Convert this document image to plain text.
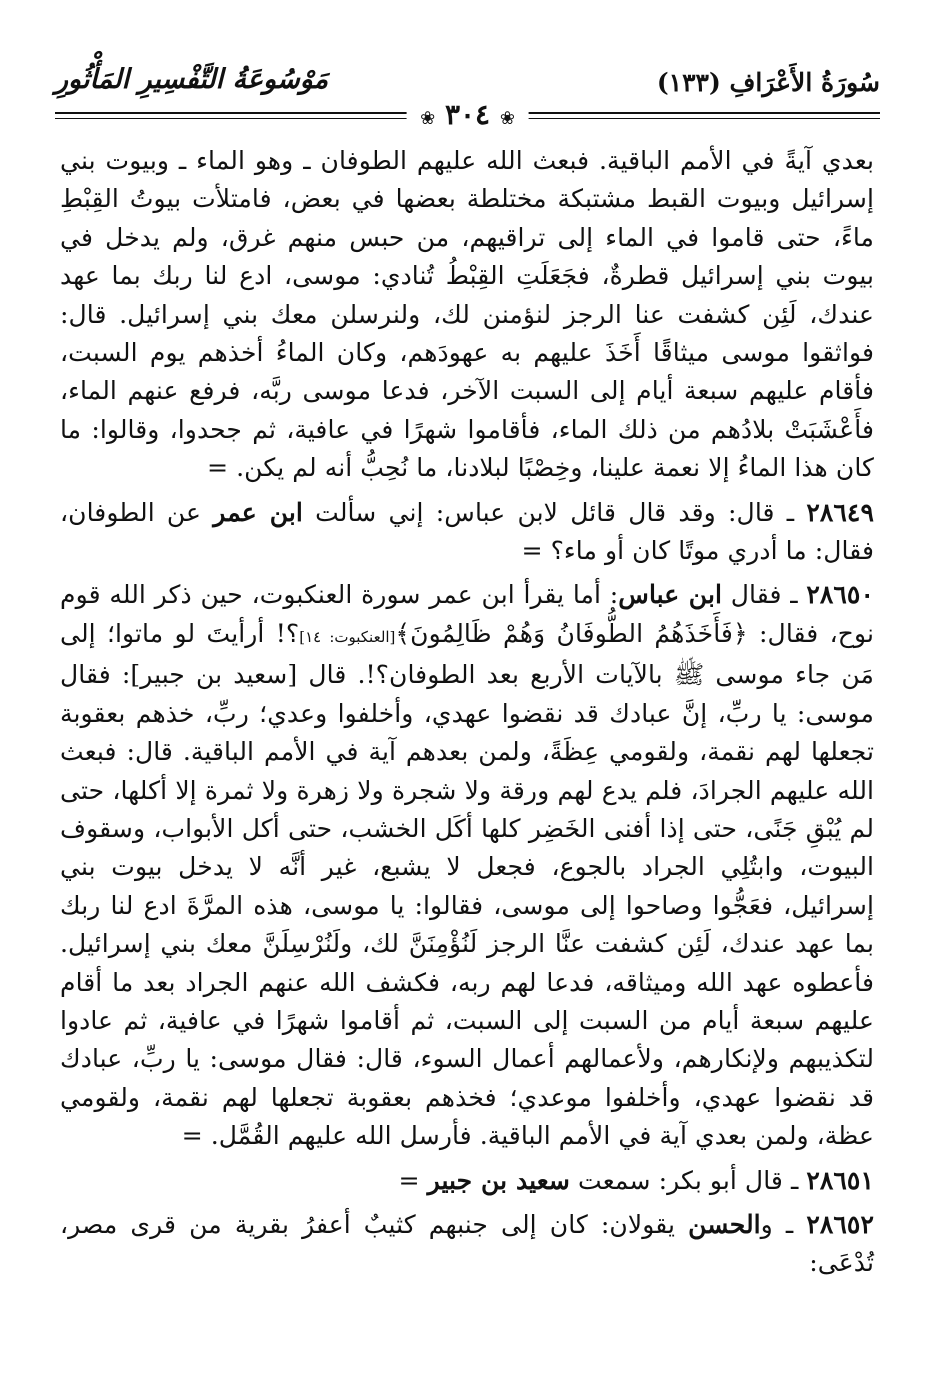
سُورَةُ الأَعْرَافِ (١٣٣)
مَوْسُوعَةُ التَّفْسِيرِ المَأْثُورِ
❀ ٣٠٤ ❀

بعدي آيةً في الأمم الباقية. فبعث الله عليهم الطوفان ـ وهو الماء ـ وبيوت بني إسرائيل وبيوت القبط مشتبكة مختلطة بعضها في بعض، فامتلأت بيوتُ القِبْطِ ماءً، حتى قاموا في الماء إلى تراقيهم، من حبس منهم غرق، ولم يدخل في بيوت بني إسرائيل قطرةٌ، فجَعَلَتِ القِبْطُ تُنادي: موسى، ادع لنا ربك بما عهد عندك، لَئِن كشفت عنا الرجز لنؤمنن لك، ولنرسلن معك بني إسرائيل. قال: فواثقوا موسى ميثاقًا أَخَذَ عليهم به عهودَهم، وكان الماءُ أخذهم يوم السبت، فأقام عليهم سبعة أيام إلى السبت الآخر، فدعا موسى ربَّه، فرفع عنهم الماء، فأَعْشَبَتْ بلادُهم من ذلك الماء، فأقاموا شهرًا في عافية، ثم جحدوا، وقالوا: ما كان هذا الماءُ إلا نعمة علينا، وخِصْبًا لبلادنا، ما نُحِبُّ أنه لم يكن. =

٢٨٦٤٩ ـ قال: وقد قال قائل لابن عباس: إني سألت ابن عمر عن الطوفان، فقال: ما أدري موتًا كان أو ماء؟ =

٢٨٦٥٠ ـ فقال ابن عباس: أما يقرأ ابن عمر سورة العنكبوت، حين ذكر الله قوم نوح، فقال: ﴿فَأَخَذَهُمُ الطُّوفَانُ وَهُمْ ظَالِمُونَ﴾[العنكبوت: ١٤]؟! أرأيتَ لو ماتوا؛ إلى مَن جاء موسى ﷺ بالآيات الأربع بعد الطوفان؟!. قال [سعيد بن جبير]: فقال موسى: يا ربِّ، إنَّ عبادك قد نقضوا عهدي، وأخلفوا وعدي؛ ربِّ، خذهم بعقوبة تجعلها لهم نقمة، ولقومي عِظَةً، ولمن بعدهم آية في الأمم الباقية. قال: فبعث الله عليهم الجرادَ، فلم يدع لهم ورقة ولا شجرة ولا زهرة ولا ثمرة إلا أكلها، حتى لم يُبْقِ جَنًى، حتى إذا أفنى الخَضِر كلها أكَل الخشب، حتى أكل الأبواب، وسقوف البيوت، وابتُلِي الجراد بالجوع، فجعل لا يشبع، غير أنَّه لا يدخل بيوت بني إسرائيل، فعَجُّوا وصاحوا إلى موسى، فقالوا: يا موسى، هذه المرَّةَ ادع لنا ربك بما عهد عندك، لَئِن كشفت عنَّا الرجز لَنُؤْمِنَنَّ لك، ولَنُرْسِلَنَّ معك بني إسرائيل. فأعطوه عهد الله وميثاقه، فدعا لهم ربه، فكشف الله عنهم الجراد بعد ما أقام عليهم سبعة أيام من السبت إلى السبت، ثم أقاموا شهرًا في عافية، ثم عادوا لتكذيبهم ولإنكارهم، ولأعمالهم أعمال السوء، قال: فقال موسى: يا ربِّ، عبادك قد نقضوا عهدي، وأخلفوا موعدي؛ فخذهم بعقوبة تجعلها لهم نقمة، ولقومي عظة، ولمن بعدي آية في الأمم الباقية. فأرسل الله عليهم القُمَّل. =

٢٨٦٥١ ـ قال أبو بكر: سمعت سعيد بن جبير =

٢٨٦٥٢ ـ والحسن يقولان: كان إلى جنبهم كثيبٌ أعفرُ بقرية من قرى مصر، تُدْعَى:
